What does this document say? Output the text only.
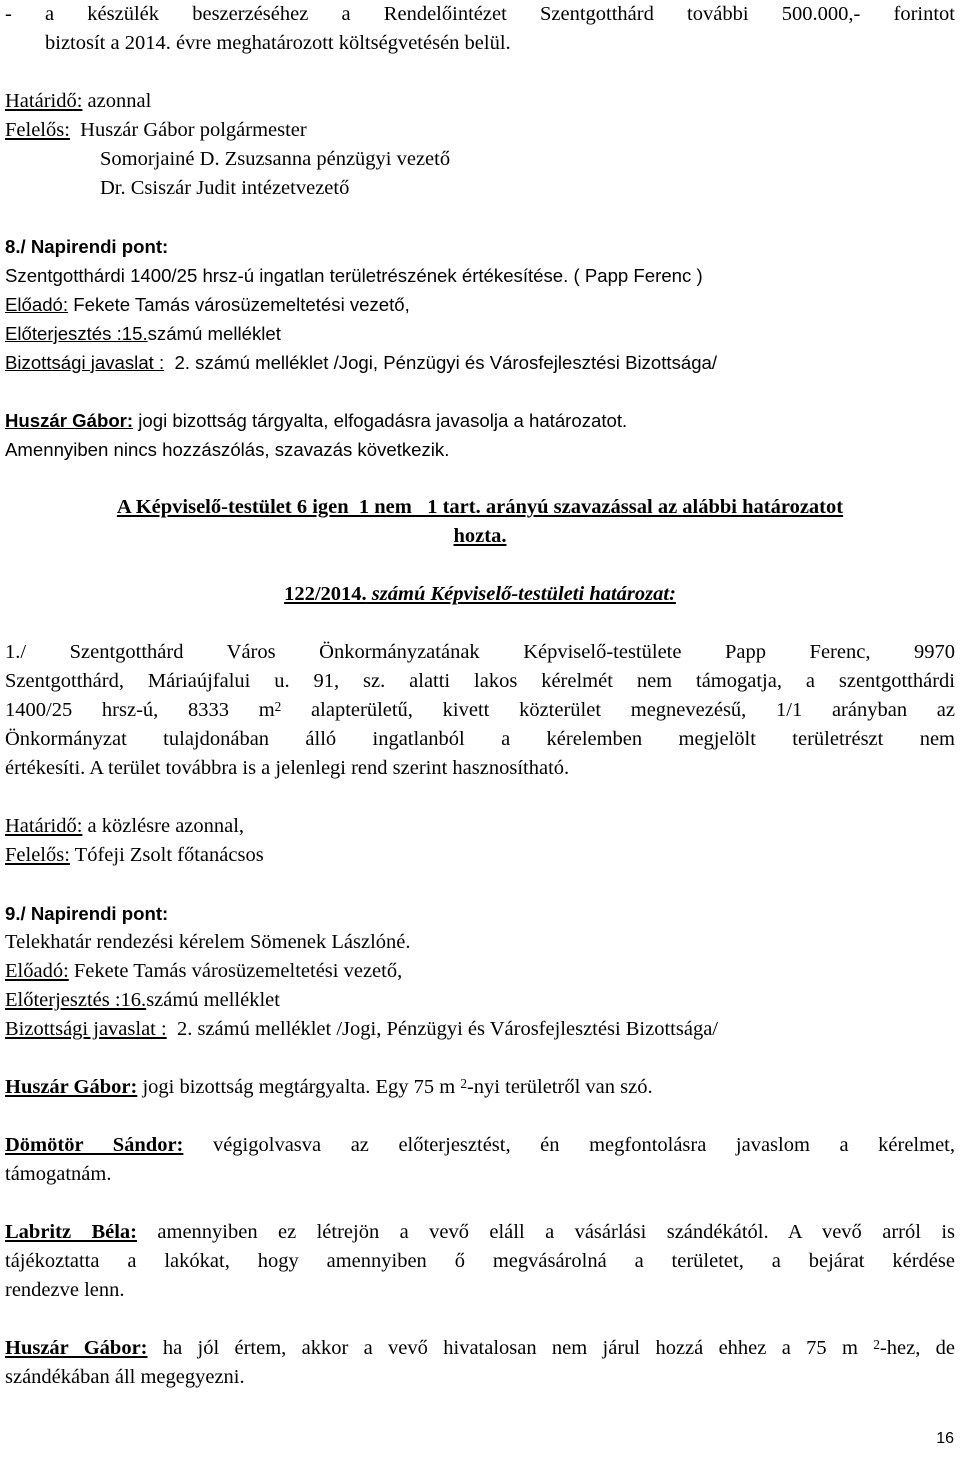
-	a készülék beszerzéséhez a Rendelőintézet Szentgotthárd további 500.000,- forintot

biztosít a 2014. évre meghatározott költségvetésén belül.

Határidő: azonnal

Felelős:  Huszár Gábor polgármester

Somorjainé D. Zsuzsanna pénzügyi vezető

Dr. Csiszár Judit intézetvezető

8./ Napirendi pont:

Szentgotthárdi 1400/25 hrsz-ú ingatlan területrészének értékesítése. ( Papp Ferenc )

Előadó: Fekete Tamás városüzemeltetési vezető,

Előterjesztés :15.számú melléklet

Bizottsági javaslat :  2. számú melléklet /Jogi, Pénzügyi és Városfejlesztési Bizottsága/

Huszár Gábor: jogi bizottság tárgyalta, elfogadásra javasolja a határozatot.

Amennyiben nincs hozzászólás, szavazás következik.

A Képviselő-testület 6 igen  1 nem   1 tart. arányú szavazással az alábbi határozatot

hozta.

122/2014. számú Képviselő-testületi határozat:

1./ Szentgotthárd Város Önkormányzatának Képviselő-testülete Papp Ferenc, 9970

Szentgotthárd, Máriaújfalui u. 91, sz. alatti lakos kérelmét nem támogatja, a szentgotthárdi

1400/25 hrsz-ú, 8333 $m^2$ alapterületű, kivett közterület megnevezésű, 1/1 arányban az

Önkormányzat tulajdonában álló ingatlanból a kérelemben megjelölt területrészt nem

értékesíti. A terület továbbra is a jelenlegi rend szerint hasznosítható.

Határidő: a közlésre azonnal,

Felelős: Tófeji Zsolt főtanácsos

9./ Napirendi pont:

Telekhatár rendezési kérelem Sömenek Lászlóné.

Előadó: Fekete Tamás városüzemeltetési vezető,

Előterjesztés :16.számú melléklet

Bizottsági javaslat :  2. számú melléklet /Jogi, Pénzügyi és Városfejlesztési Bizottsága/

Huszár Gábor: jogi bizottság megtárgyalta. Egy 75 m $^2$-nyi területről van szó.

Dömötör Sándor: végigolvasva az előterjesztést, én megfontolásra javaslom a kérelmet,

támogatnám.

Labritz Béla: amennyiben ez létrejön a vevő eláll a vásárlási szándékától. A vevő arról is

tájékoztatta a lakókat, hogy amennyiben ő megvásárolná a területet, a bejárat kérdése

rendezve lenn.

Huszár Gábor: ha jól értem, akkor a vevő hivatalosan nem járul hozzá ehhez a 75 m $^2$-hez, de

szándékában áll megegyezni.

16
